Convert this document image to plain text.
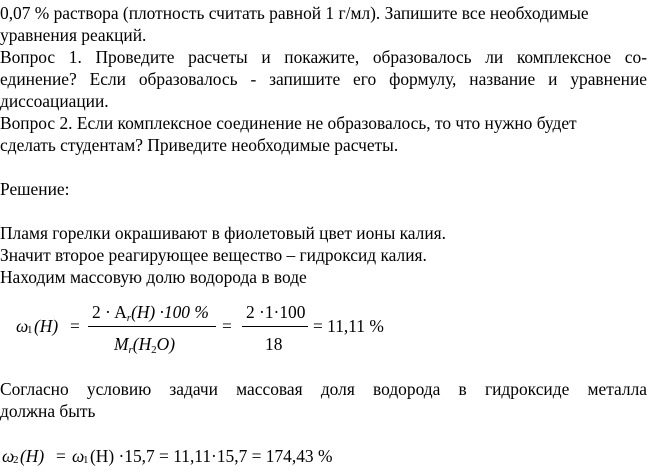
0,07 % раствора (плотность считать равной 1 г/мл). Запишите все необходимые
уравнения реакций.
Вопрос 1. Проведите расчеты и покажите, образовалось ли комплексное со-
единение? Если образовалось - запишите его формулу, название и уравнение
диссоациации.
Вопрос 2. Если комплексное соединение не образовалось, то что нужно будет
сделать студентам? Приведите необходимые расчеты.
Решение:
Пламя горелки окрашивают в фиолетовый цвет ионы калия.
Значит второе реагирующее вещество – гидроксид калия.
Находим массовую долю водорода в воде
ω
1 (H) =
$2 \cdot A_r(H) \cdot 100$ %
$M_r(H_2O)$
=
2 ·1·100
18
= 11,11 %
Согласно условию задачи массовая доля водорода в гидроксиде металла
должна быть
ω
2 (H) = ω
1 (H) ·15,7 = 11,11·15,7 = 174,43 %
